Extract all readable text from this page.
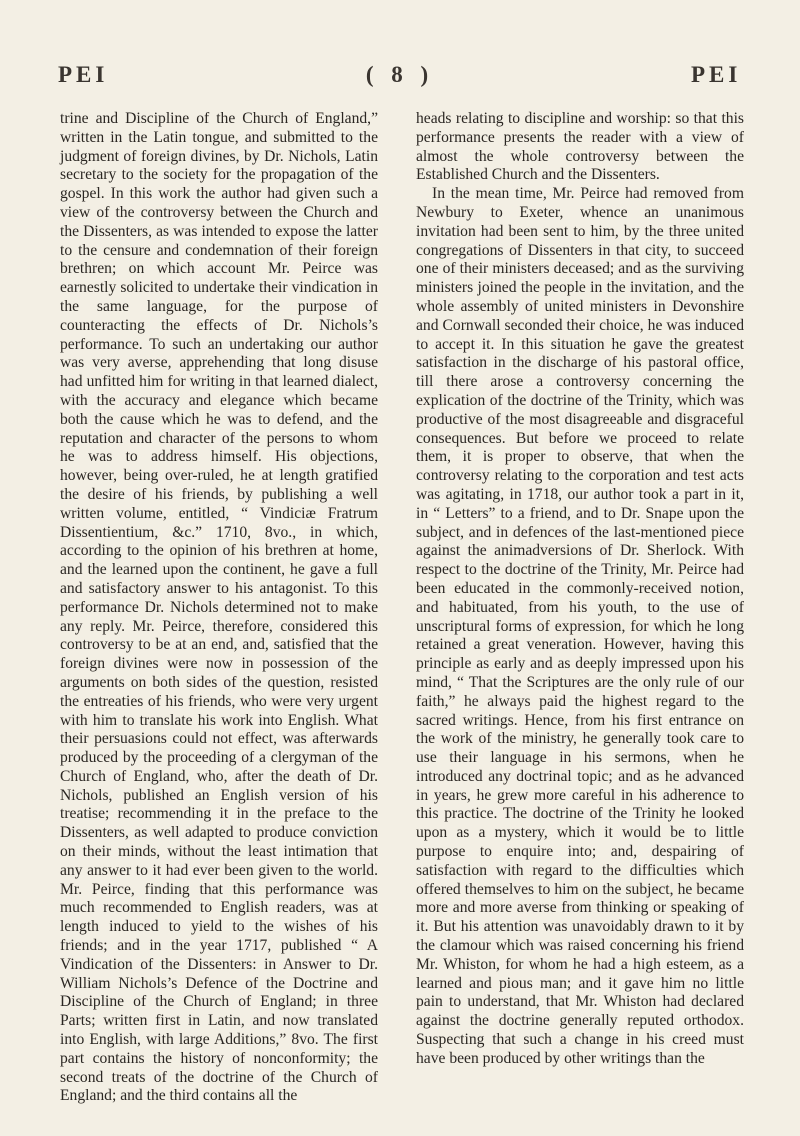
PEI	( 8 )	PEI

trine and Discipline of the Church of England,” written in the Latin tongue, and submitted to the judgment of foreign divines, by Dr. Nichols, Latin secretary to the society for the propagation of the gospel. In this work the author had given such a view of the controversy between the Church and the Dissenters, as was intended to expose the latter to the censure and condemnation of their foreign brethren; on which account Mr. Peirce was earnestly solicited to undertake their vindication in the same language, for the purpose of counteracting the effects of Dr. Nichols’s performance. To such an undertaking our author was very averse, apprehending that long disuse had unfitted him for writing in that learned dialect, with the accuracy and elegance which became both the cause which he was to defend, and the reputation and character of the persons to whom he was to address himself. His objections, however, being over-ruled, he at length gratified the desire of his friends, by publishing a well written volume, entitled, “ Vindiciæ Fratrum Dissentientium, &c.” 1710, 8vo., in which, according to the opinion of his brethren at home, and the learned upon the continent, he gave a full and satisfactory answer to his antagonist. To this performance Dr. Nichols determined not to make any reply. Mr. Peirce, therefore, considered this controversy to be at an end, and, satisfied that the foreign divines were now in possession of the arguments on both sides of the question, resisted the entreaties of his friends, who were very urgent with him to translate his work into English. What their persuasions could not effect, was afterwards produced by the proceeding of a clergyman of the Church of England, who, after the death of Dr. Nichols, published an English version of his treatise; recommending it in the preface to the Dissenters, as well adapted to produce conviction on their minds, without the least intimation that any answer to it had ever been given to the world. Mr. Peirce, finding that this performance was much recommended to English readers, was at length induced to yield to the wishes of his friends; and in the year 1717, published “ A Vindication of the Dissenters: in Answer to Dr. William Nichols’s Defence of the Doctrine and Discipline of the Church of England; in three Parts; written first in Latin, and now translated into English, with large Additions,” 8vo. The first part contains the history of nonconformity; the second treats of the doctrine of the Church of England; and the third contains all the

heads relating to discipline and worship: so that this performance presents the reader with a view of almost the whole controversy between the Established Church and the Dissenters.

In the mean time, Mr. Peirce had removed from Newbury to Exeter, whence an unanimous invitation had been sent to him, by the three united congregations of Dissenters in that city, to succeed one of their ministers deceased; and as the surviving ministers joined the people in the invitation, and the whole assembly of united ministers in Devonshire and Cornwall seconded their choice, he was induced to accept it. In this situation he gave the greatest satisfaction in the discharge of his pastoral office, till there arose a controversy concerning the explication of the doctrine of the Trinity, which was productive of the most disagreeable and disgraceful consequences. But before we proceed to relate them, it is proper to observe, that when the controversy relating to the corporation and test acts was agitating, in 1718, our author took a part in it, in “ Letters” to a friend, and to Dr. Snape upon the subject, and in defences of the last-mentioned piece against the animadversions of Dr. Sherlock. With respect to the doctrine of the Trinity, Mr. Peirce had been educated in the commonly-received notion, and habituated, from his youth, to the use of unscriptural forms of expression, for which he long retained a great veneration. However, having this principle as early and as deeply impressed upon his mind, “ That the Scriptures are the only rule of our faith,” he always paid the highest regard to the sacred writings. Hence, from his first entrance on the work of the ministry, he generally took care to use their language in his sermons, when he introduced any doctrinal topic; and as he advanced in years, he grew more careful in his adherence to this practice. The doctrine of the Trinity he looked upon as a mystery, which it would be to little purpose to enquire into; and, despairing of satisfaction with regard to the difficulties which offered themselves to him on the subject, he became more and more averse from thinking or speaking of it. But his attention was unavoidably drawn to it by the clamour which was raised concerning his friend Mr. Whiston, for whom he had a high esteem, as a learned and pious man; and it gave him no little pain to understand, that Mr. Whiston had declared against the doctrine generally reputed orthodox. Suspecting that such a change in his creed must have been produced by other writings than the
